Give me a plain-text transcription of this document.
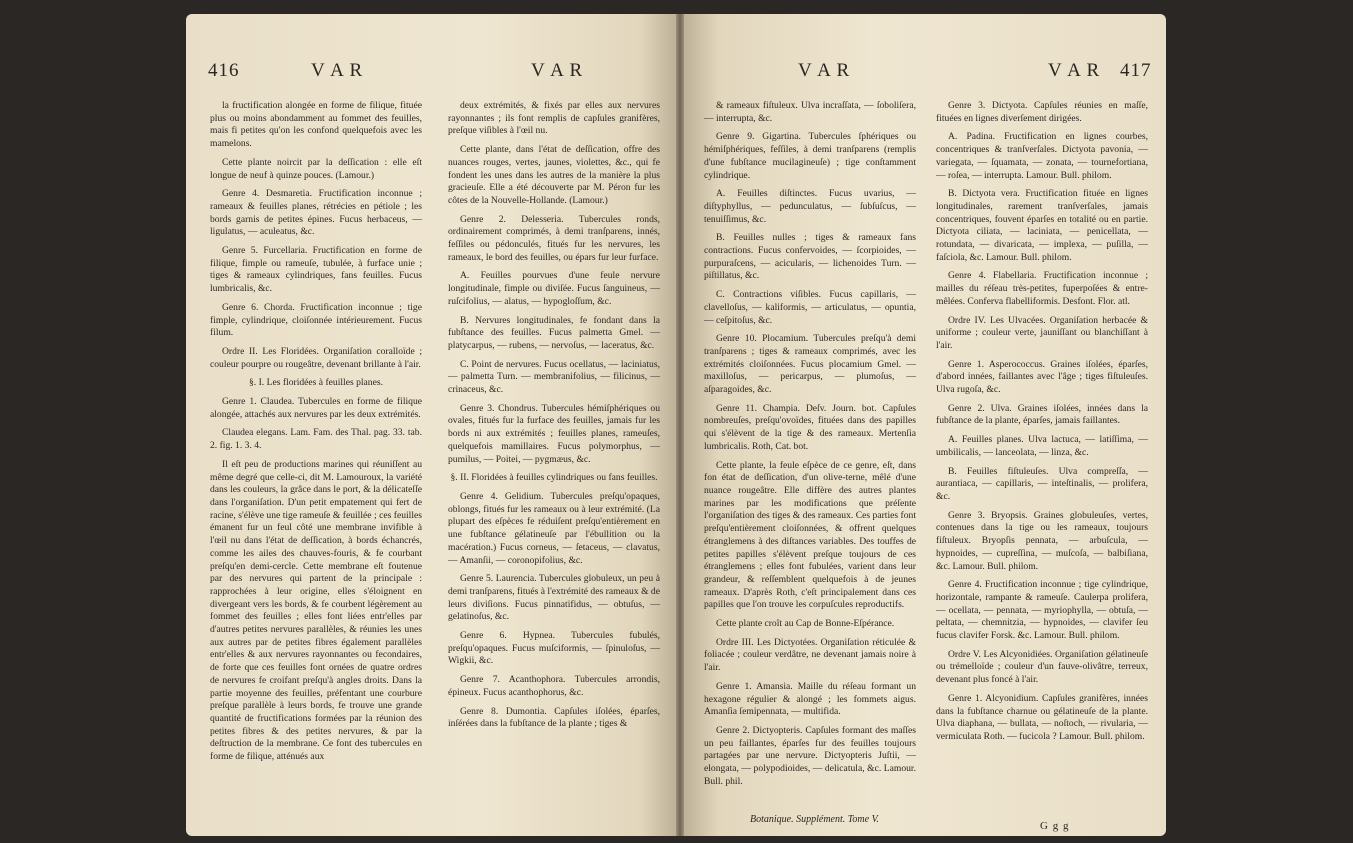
416	V A R	V A R

la fructification alongée en forme de filique, fituée plus ou moins abondamment au fommet des feuilles, mais fi petites qu'on les confond quelquefois avec les mamelons.

Cette plante noircit par la deſſication : elle eſt longue de neuf à quinze pouces. (Lamour.)

Genre 4. Desmaretia. Fructification inconnue ; rameaux & feuilles planes, rétrécies en pétiole ; les bords garnis de petites épines. Fucus herbaceus, — ligulatus, — aculeatus, &c.

Genre 5. Furcellaria. Fructification en forme de filique, fimple ou rameuſe, tubulée, à furface unie ; tiges & rameaux cylindriques, fans feuilles. Fucus lumbricalis, &c.

Genre 6. Chorda. Fructification inconnue ; tige fimple, cylindrique, cloiſonnée intérieurement. Fucus filum.

Ordre II. Les Floridées. Organiſation coralloïde ; couleur pourpre ou rougeâtre, devenant brillante à l'air.

§. I. Les floridées à feuilles planes.

Genre 1. Claudea. Tubercules en forme de filique alongée, attachés aux nervures par les deux extrémités.

Claudea elegans. Lam. Fam. des Thal. pag. 33. tab. 2. fig. 1. 3. 4.

Il eſt peu de productions marines qui réuniſſent au même degré que celle-ci, dit M. Lamouroux, la variété dans les couleurs, la grâce dans le port, & la délicateſſe dans l'organiſation. D'un petit empatement qui fert de racine, s'élève une tige rameuſe & feuillée ; ces feuilles émanent fur un feul côté une membrane invifible à l'œil nu dans l'état de deſſication, à bords échancrés, comme les ailes des chauves-fouris, & fe courbant preſqu'en demi-cercle. Cette membrane eſt foutenue par des nervures qui partent de la principale : rapprochées à leur origine, elles s'éloignent en divergeant vers les bords, & fe courbent légèrement au fommet des feuilles ; elles font liées entr'elles par d'autres petites nervures parallèles, & réunies les unes aux autres par de petites fibres également parallèles entr'elles & aux nervures rayonnantes ou fecondaires, de forte que ces feuilles font ornées de quatre ordres de nervures fe croifant preſqu'à angles droits. Dans la partie moyenne des feuilles, préfentant une courbure preſque parallèle à leurs bords, fe trouve une grande quantité de fructifications formées par la réunion des petites fibres & des petites nervures, & par la deſtruction de la membrane. Ce font des tubercules en forme de filique, atténués aux

deux extrémités, & fixés par elles aux nervures rayonnantes ; ils font remplis de capſules granifères, preſque viſibles à l'œil nu.

Cette plante, dans l'état de deſſication, offre des nuances rouges, vertes, jaunes, violettes, &c., qui fe fondent les unes dans les autres de la manière la plus gracieuſe. Elle a été découverte par M. Péron fur les côtes de la Nouvelle-Hollande. (Lamour.)

Genre 2. Delesseria. Tubercules ronds, ordinairement comprimés, à demi tranſparens, innés, feſſiles ou pédonculés, fitués fur les nervures, les rameaux, le bord des feuilles, ou épars fur leur furface.

A. Feuilles pourvues d'une feule nervure longitudinale, fimple ou diviſée. Fucus ſanguineus, — ruſcifolius, — alatus, — hypogloſſum, &c.

B. Nervures longitudinales, fe fondant dans la fubſtance des feuilles. Fucus palmetta Gmel. — platycarpus, — rubens, — nervoſus, — laceratus, &c.

C. Point de nervures. Fucus ocellatus, — laciniatus, — palmetta Turn. — membranifolius, — filicinus, — crinaceus, &c.

Genre 3. Chondrus. Tubercules hémiſphériques ou ovales, fitués fur la furface des feuilles, jamais fur les bords ni aux extrémités ; feuilles planes, rameuſes, quelquefois mamillaires. Fucus polymorphus, — pumilus, — Poitei, — pygmæus, &c.

§. II. Floridées à feuilles cylindriques ou fans feuilles.

Genre 4. Gelidium. Tubercules preſqu'opaques, oblongs, fitués fur les rameaux ou à leur extrémité. (La plupart des eſpèces fe réduiſent preſqu'entièrement en une fubſtance gélatineuſe par l'ébullition ou la macération.) Fucus corneus, — ſetaceus, — clavatus, — Amanſii, — coronopifolius, &c.

Genre 5. Laurencia. Tubercules globuleux, un peu à demi tranſparens, fitués à l'extrémité des rameaux & de leurs diviſions. Fucus pinnatifidus, — obtuſus, — gelatinoſus, &c.

Genre 6. Hypnea. Tubercules fubulés, preſqu'opaques. Fucus muſciformis, — ſpinuloſus, — Wigkii, &c.

Genre 7. Acanthophora. Tubercules arrondis, épineux. Fucus acanthophorus, &c.

Genre 8. Dumontia. Capſules iſolées, éparſes, inſérées dans la fubſtance de la plante ; tiges &

V A R	V A R 417

& rameaux fiſtuleux. Ulva incraſſata, — ſoboliſera, — interrupta, &c.

Genre 9. Gigartina. Tubercules ſphériques ou hémiſphériques, feſſiles, à demi tranſparens (remplis d'une fubſtance mucilagineuſe) ; tige conſtamment cylindrique.

A. Feuilles diſtinctes. Fucus uvarius, — diſtyphyllus, — pedunculatus, — ſubſuſcus, — tenuiſſimus, &c.

B. Feuilles nulles ; tiges & rameaux fans contractions. Fucus confervoides, — ſcorpioides, — purpuraſcens, — acicularis, — lichenoides Turn. — piſtillatus, &c.

C. Contractions viſibles. Fucus capillaris, — clavelloſus, — kaliformis, — articulatus, — opuntia, — ceſpitoſus, &c.

Genre 10. Plocamium. Tubercules preſqu'à demi tranſparens ; tiges & rameaux comprimés, avec les extrémités cloiſonnées. Fucus plocamium Gmel. — maxilloſus, — pericarpus, — plumoſus, — aſparagoides, &c.

Genre 11. Champia. Deſv. Journ. bot. Capſules nombreuſes, preſqu'ovoïdes, fituées dans des papilles qui s'élèvent de la tige & des rameaux. Mertenſia lumbricalis. Roth, Cat. bot.

Cette plante, la feule eſpèce de ce genre, eſt, dans fon état de deſſication, d'un olive-terne, mêlé d'une nuance rougeâtre. Elle diffère des autres plantes marines par les modifications que préſente l'organiſation des tiges & des rameaux. Ces parties font preſqu'entièrement cloiſonnées, & offrent quelques étranglemens à des diſtances variables. Des touffes de petites papilles s'élèvent preſque toujours de ces étranglemens ; elles font fubulées, varient dans leur grandeur, & reſſemblent quelquefois à de jeunes rameaux. D'après Roth, c'eſt principalement dans ces papilles que l'on trouve les corpuſcules reproductifs.

Cette plante croît au Cap de Bonne-Eſpérance.

Ordre III. Les Dictyotées. Organiſation réticulée & foliacée ; couleur verdâtre, ne devenant jamais noire à l'air.

Genre 1. Amansia. Maille du réſeau formant un hexagone régulier & alongé ; les fommets aigus. Amanſia ſemipennata, — multifida.

Genre 2. Dictyopteris. Capſules formant des maſſes un peu faillantes, éparſes fur des feuilles toujours partagées par une nervure. Dictyopteris Juſtii, — elongata, — polypodioides, — delicatula, &c. Lamour. Bull. phil.

Genre 3. Dictyota. Capſules réunies en maſſe, fituées en lignes diverſement dirigées.

A. Padina. Fructification en lignes courbes, concentriques & tranſverſales. Dictyota pavonia, — variegata, — ſquamata, — zonata, — tournefortiana, — roſea, — interrupta. Lamour. Bull. philom.

B. Dictyota vera. Fructification fituée en lignes longitudinales, rarement tranſverſales, jamais concentriques, fouvent éparſes en totalité ou en partie. Dictyota ciliata, — laciniata, — penicellata, — rotundata, — divaricata, — implexa, — puſilla, — faſciola, &c. Lamour. Bull. philom.

Genre 4. Flabellaria. Fructification inconnue ; mailles du réſeau très-petites, fuperpoſées & entre-mêlées. Conferva flabelliformis. Desfont. Flor. atl.

Ordre IV. Les Ulvacées. Organiſation herbacée & uniforme ; couleur verte, jauniſſant ou blanchiſſant à l'air.

Genre 1. Asperococcus. Graines iſolées, éparſes, d'abord innées, faillantes avec l'âge ; tiges fiſtuleuſes. Ulva rugoſa, &c.

Genre 2. Ulva. Graines iſolées, innées dans la fubſtance de la plante, éparſes, jamais faillantes.

A. Feuilles planes. Ulva lactuca, — latiſſima, — umbilicalis, — lanceolata, — linza, &c.

B. Feuilles fiſtuleuſes. Ulva compreſſa, — aurantiaca, — capillaris, — inteſtinalis, — prolifera, &c.

Genre 3. Bryopsis. Graines globuleuſes, vertes, contenues dans la tige ou les rameaux, toujours fiſtuleux. Bryopſis pennata, — arbuſcula, — hypnoides, — cupreſſina, — muſcoſa, — balbiſiana, &c. Lamour. Bull. philom.

Genre 4. Fructification inconnue ; tige cylindrique, horizontale, rampante & rameuſe. Caulerpa prolifera, — ocellata, — pennata, — myriophylla, — obtuſa, — peltata, — chemnitzia, — hypnoides, — clavifer ſeu fucus clavifer Forsk. &c. Lamour. Bull. philom.

Ordre V. Les Alcyonidiées. Organiſation gélatineuſe ou trémelloïde ; couleur d'un fauve-olivâtre, terreux, devenant plus foncé à l'air.

Genre 1. Alcyonidium. Capſules granifères, innées dans la fubſtance charnue ou gélatineuſe de la plante. Ulva diaphana, — bullata, — noſtoch, — rivularia, — vermiculata Roth. — fucicola ? Lamour. Bull. philom.

Botanique. Supplément. Tome V.
G g g
